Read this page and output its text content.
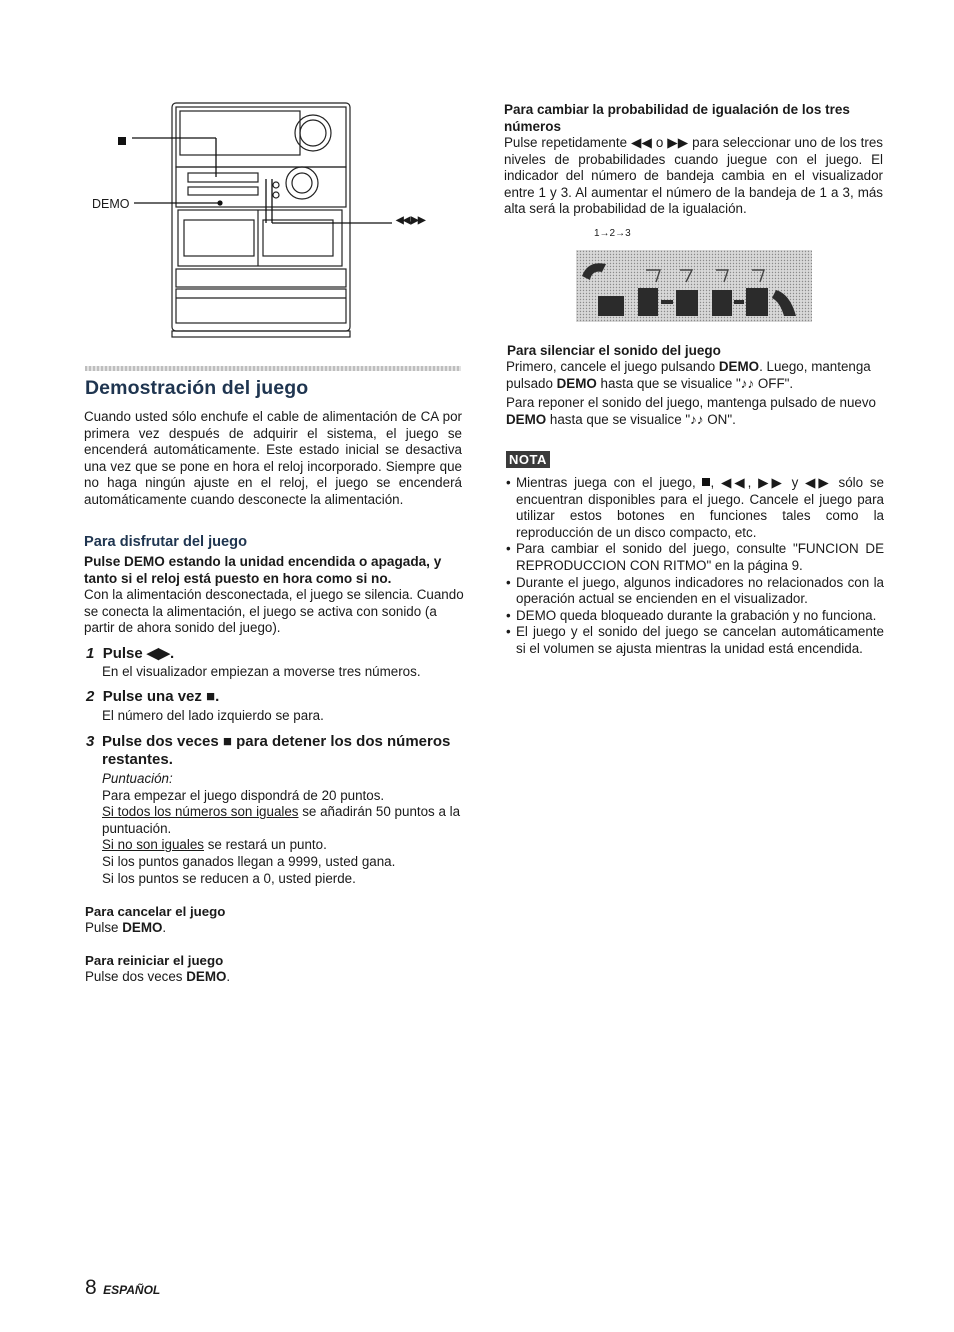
DEMO
◀◀,▶▶
Para cambiar la probabilidad de igualación de los tres números
Pulse repetidamente ◀◀ o ▶▶ para seleccionar uno de los tres niveles de probabilidades cuando juegue con el juego. El indicador del número de bandeja cambia en el visualizador entre 1 y 3. Al aumentar el número de la bandeja de 1 a 3, más alta será la probabilidad de la igualación.
1→2→3
Para silenciar el sonido del juego
Primero, cancele el juego pulsando DEMO. Luego, mantenga pulsado DEMO hasta que se visualice "♪♪ OFF".
Para reponer el sonido del juego, mantenga pulsado de nuevo DEMO hasta que se visualice "♪♪ ON".
NOTA
• Mientras juega con el juego, , ◀◀, ▶▶ y ◀▶ sólo se encuentran disponibles para el juego. Cancele el juego para utilizar estos botones en funciones tales como la reproducción de un disco compacto, etc.
• Para cambiar el sonido del juego, consulte "FUNCION DE REPRODUCCION CON RITMO" en la página 9.
• Durante el juego, algunos indicadores no relacionados con la operación actual se encienden en el visualizador.
• DEMO queda bloqueado durante la grabación y no funciona.
• El juego y el sonido del juego se cancelan automáticamente si el volumen se ajusta mientras la unidad está encendida.
Demostración del juego
Cuando usted sólo enchufe el cable de alimentación de CA por primera vez después de adquirir el sistema, el juego se encenderá automáticamente. Este estado inicial se desactiva una vez que se pone en hora el reloj incorporado. Siempre que no haga ningún ajuste en el reloj, el juego se encenderá automáticamente cuando desconecte la alimentación.
Para disfrutar del juego
Pulse DEMO estando la unidad encendida o apagada, y tanto si el reloj está puesto en hora como si no.
Con la alimentación desconectada, el juego se silencia. Cuando se conecta la alimentación, el juego se activa con sonido (a partir de ahora sonido del juego).
1 Pulse ◀▶.
En el visualizador empiezan a moverse tres números.
2 Pulse una vez ■.
El número del lado izquierdo se para.
3 Pulse dos veces ■ para detener los dos números restantes.
Puntuación:
Para empezar el juego dispondrá de 20 puntos.
Si todos los números son iguales se añadirán 50 puntos a la puntuación.
Si no son iguales se restará un punto.
Si los puntos ganados llegan a 9999, usted gana.
Si los puntos se reducen a 0, usted pierde.
Para cancelar el juego
Pulse DEMO.
Para reiniciar el juego
Pulse dos veces DEMO.
8 ESPAÑOL
